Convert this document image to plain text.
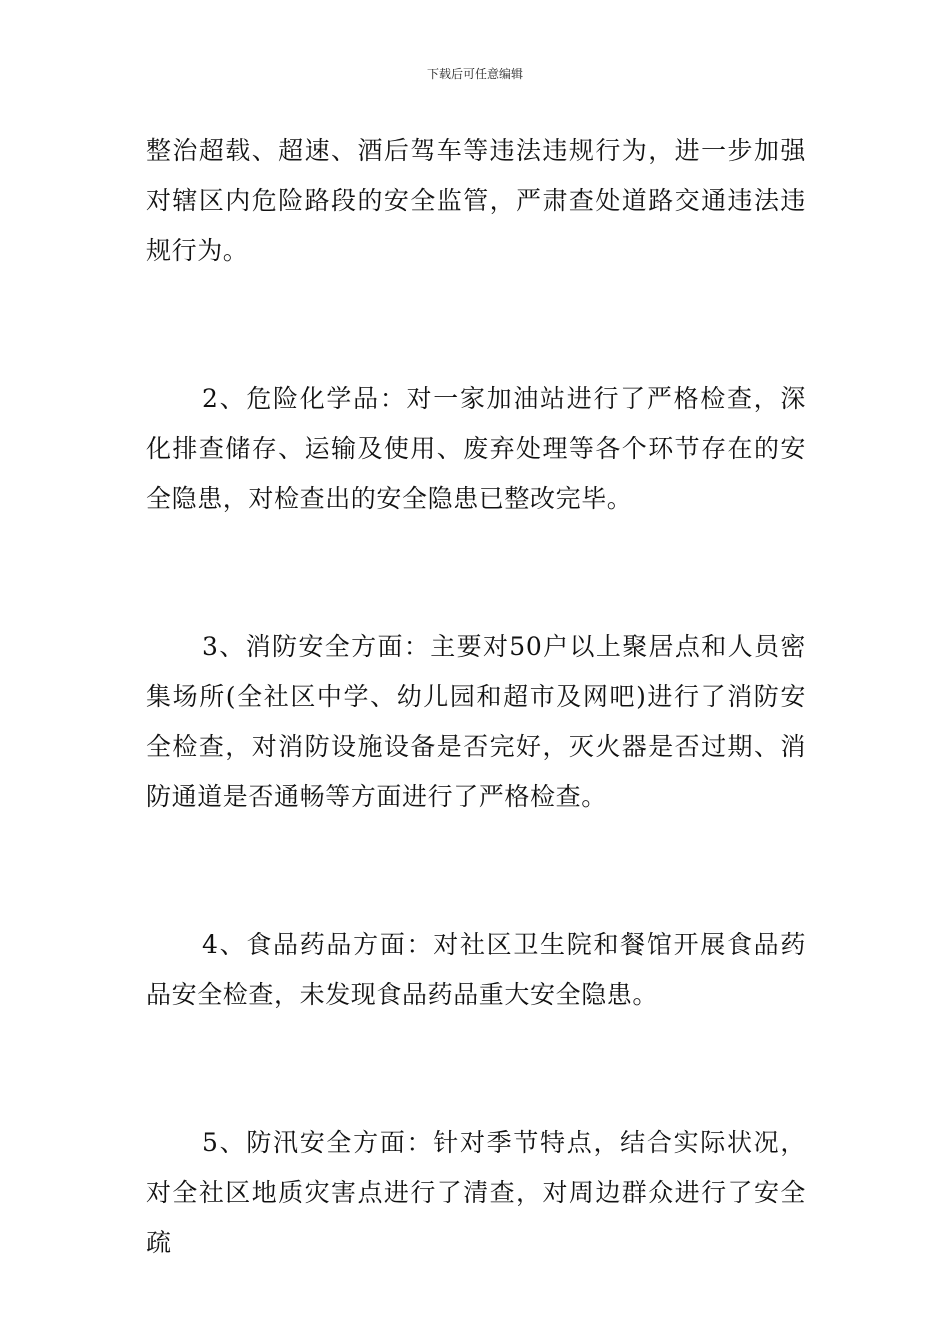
下载后可任意编辑

整治超载、超速、酒后驾车等违法违规行为，进一步加强对辖区内危险路段的安全监管，严肃查处道路交通违法违规行为。

2、危险化学品：对一家加油站进行了严格检查，深化排查储存、运输及使用、废弃处理等各个环节存在的安全隐患，对检查出的安全隐患已整改完毕。

3、消防安全方面：主要对50户以上聚居点和人员密集场所(全社区中学、幼儿园和超市及网吧)进行了消防安全检查，对消防设施设备是否完好，灭火器是否过期、消防通道是否通畅等方面进行了严格检查。

4、食品药品方面：对社区卫生院和餐馆开展食品药品安全检查，未发现食品药品重大安全隐患。

5、防汛安全方面：针对季节特点，结合实际状况，对全社区地质灾害点进行了清查，对周边群众进行了安全疏
